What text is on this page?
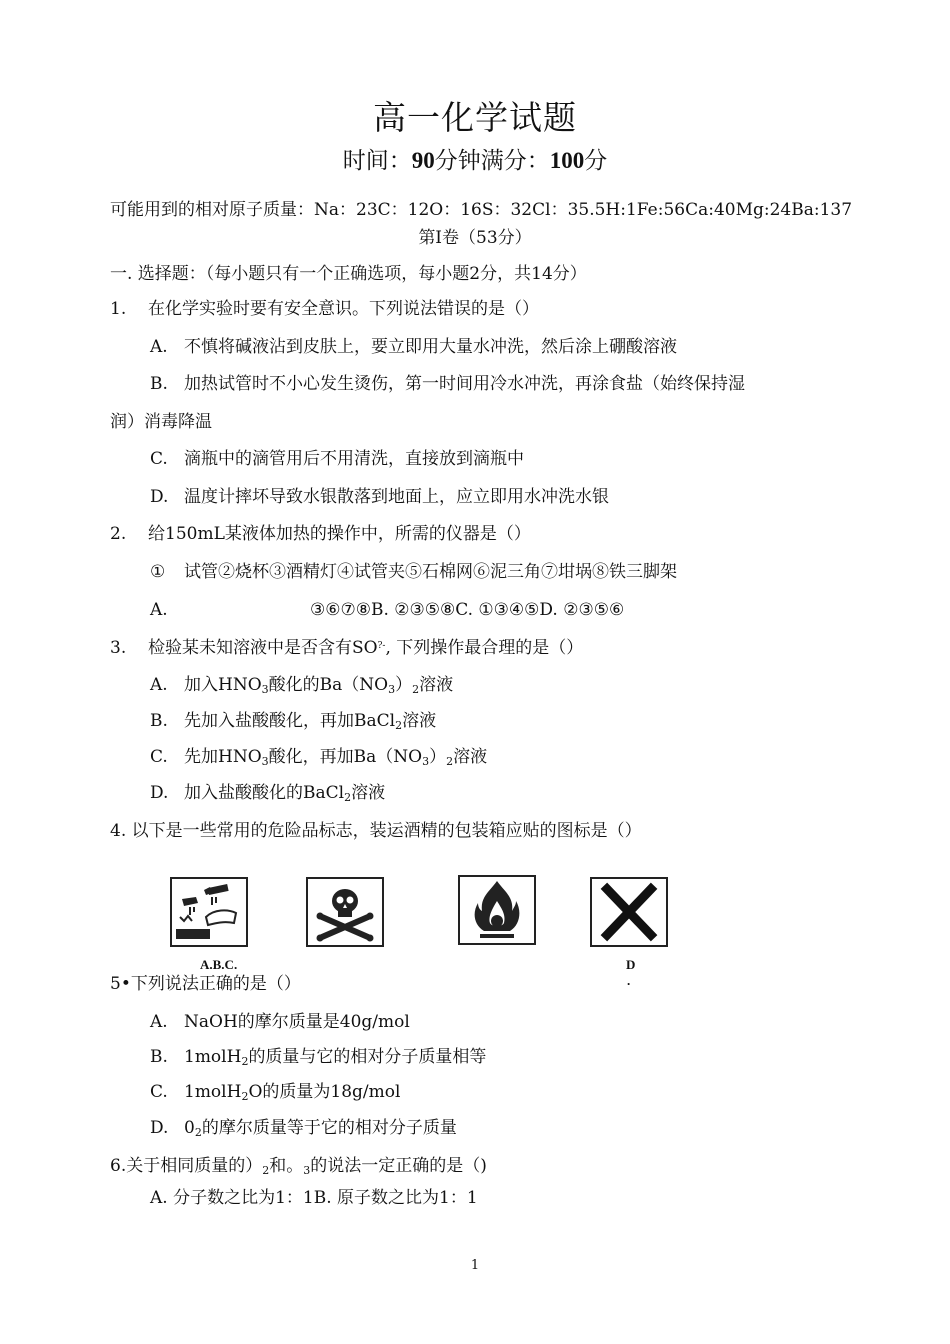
高一化学试题
时间：90分钟满分：100分
可能用到的相对原子质量：Na：23C：12O：16S：32Cl：35.5H:1Fe:56Ca:40Mg:24Ba:137
第Ⅰ卷（53分）
一. 选择题：（每小题只有一个正确选项，每小题2分，共14分）
1. 在化学实验时要有安全意识。下列说法错误的是（）
A. 不慎将碱液沾到皮肤上，要立即用大量水冲洗，然后涂上硼酸溶液
B. 加热试管时不小心发生烫伤，第一时间用冷水冲洗，再涂食盐（始终保持湿
润）消毒降温
C. 滴瓶中的滴管用后不用清洗，直接放到滴瓶中
D. 温度计摔坏导致水银散落到地面上，应立即用水冲洗水银
2. 给150mL某液体加热的操作中，所需的仪器是（）
① 试管②烧杯③酒精灯④试管夹⑤石棉网⑥泥三角⑦坩埚⑧铁三脚架
A.	③⑥⑦⑧B. ②③⑤⑧C. ①③④⑤D. ②③⑤⑥
3. 检验某未知溶液中是否含有SO?-, 下列操作最合理的是（）
A. 加入$HNO_3$酸化的$Ba(NO_3)_2$溶液
B. 先加入盐酸酸化，再加BaCl$_2$溶液
C. 先加$HNO_3$酸化，再加$Ba(NO_3)_2$溶液
D. 加入盐酸酸化的BaCl$_2$溶液
4. 以下是一些常用的危险品标志，装运酒精的包装箱应贴的图标是（）
A.B.C.	D
.
5•下列说法正确的是（）
A. NaOH的摩尔质量是40g/mol
B. 1molH$_2$的质量与它的相对分子质量相等
C. 1molH$_2$O的质量为18g/mol
D. $0_2$的摩尔质量等于它的相对分子质量
6.关于相同质量的）$_2$和。$_3$的说法一定正确的是（)
A. 分子数之比为1：1B. 原子数之比为1：1
1
